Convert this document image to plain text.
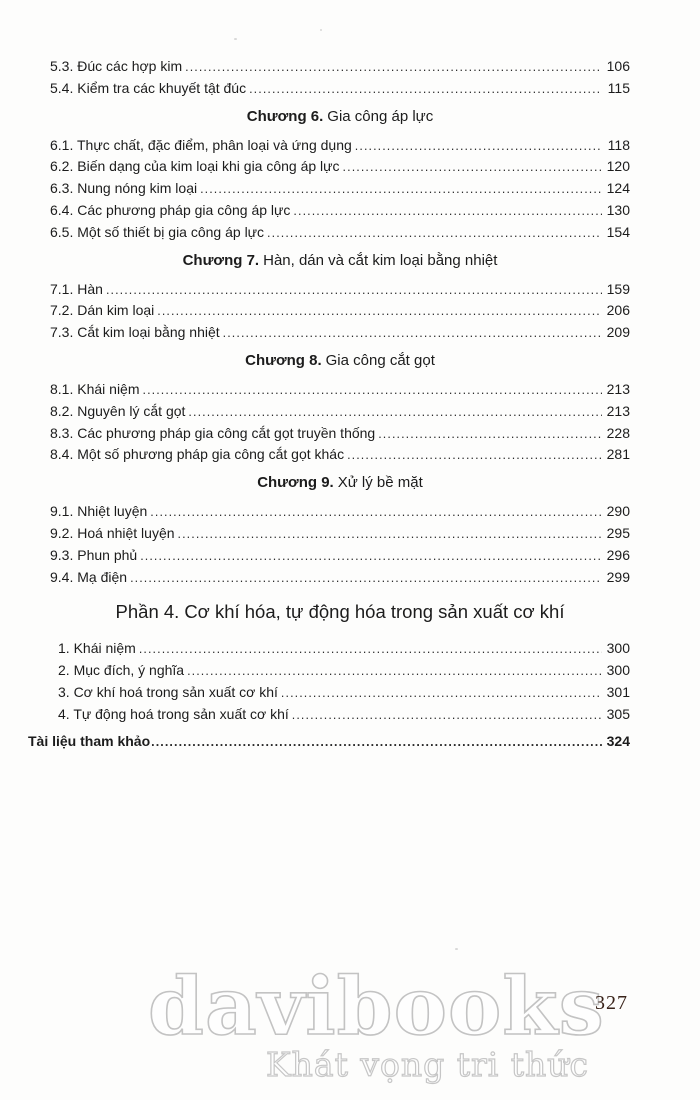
5.3. Đúc các hợp kim .....	106
5.4. Kiểm tra các khuyết tật đúc .....	115
Chương 6. Gia công áp lực
6.1. Thực chất, đặc điểm, phân loại và ứng dụng .....	118
6.2. Biến dạng của kim loại khi gia công áp lực .....	120
6.3. Nung nóng kim loại .....	124
6.4. Các phương pháp gia công áp lực .....	130
6.5. Một số thiết bị gia công áp lực .....	154
Chương 7. Hàn, dán và cắt kim loại bằng nhiệt
7.1. Hàn .....	159
7.2. Dán kim loại .....	206
7.3. Cắt kim loại bằng nhiệt .....	209
Chương 8. Gia công cắt gọt
8.1. Khái niệm .....	213
8.2. Nguyên lý cắt gọt .....	213
8.3. Các phương pháp gia công cắt gọt truyền thống .....	228
8.4. Một số phương pháp gia công cắt gọt khác .....	281
Chương 9. Xử lý bề mặt
9.1. Nhiệt luyện .....	290
9.2. Hoá nhiệt luyện .....	295
9.3. Phun phủ .....	296
9.4. Mạ điện .....	299
Phần 4. Cơ khí hóa, tự động hóa trong sản xuất cơ khí
1. Khái niệm .....	300
2. Mục đích, ý nghĩa .....	300
3. Cơ khí hoá trong sản xuất cơ khí .....	301
4. Tự động hoá trong sản xuất cơ khí .....	305
Tài liệu tham khảo .....	324
davibooks
Khát vọng tri thức
327
